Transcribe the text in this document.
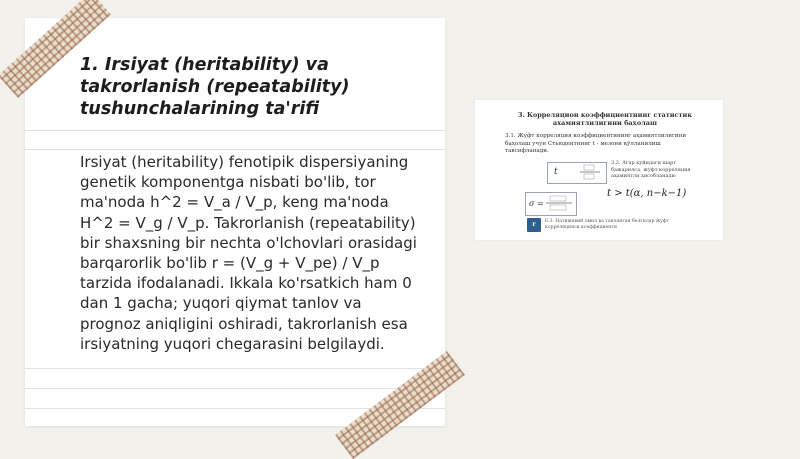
1. Irsiyat (heritability) va takrorlanish (repeatability) tushunchalarining ta'rifi

Irsiyat (heritability) fenotipik dispersiyaning genetik komponentga nisbati bo'lib, tor ma'noda h^2 = V_a / V_p, keng ma'noda H^2 = V_g / V_p. Takrorlanish (repeatability) bir shaxsning bir nechta o'lchovlari orasidagi barqarorlik bo'lib r = (V_g + V_pe) / V_p tarzida ifodalanadi. Ikkala ko'rsatkich ham 0 dan 1 gacha; yuqori qiymat tanlov va prognoz aniqligini oshiradi, takrorlanish esa irsiyatning yuqori chegarasini belgilaydi.

3. Корреляцион коэффициентнинг статистик ахамиятлилигини баҳолаш
3.1. Жуфт корреляция коэффициентининг аҳамиятлилигини баҳолаш учун Стьюдентнинг t - мезони қўлланилиш тавсифланади.
t
3.2. Агар қуйидаги шарт бажарилса, жуфт корреляция аҳамиятли ҳисобланади:
σ =
t > t(α, n−k−1)
r	6.3. Натижавий омил ва танланган белгилар жуфт корреляцияси коэффициенти
